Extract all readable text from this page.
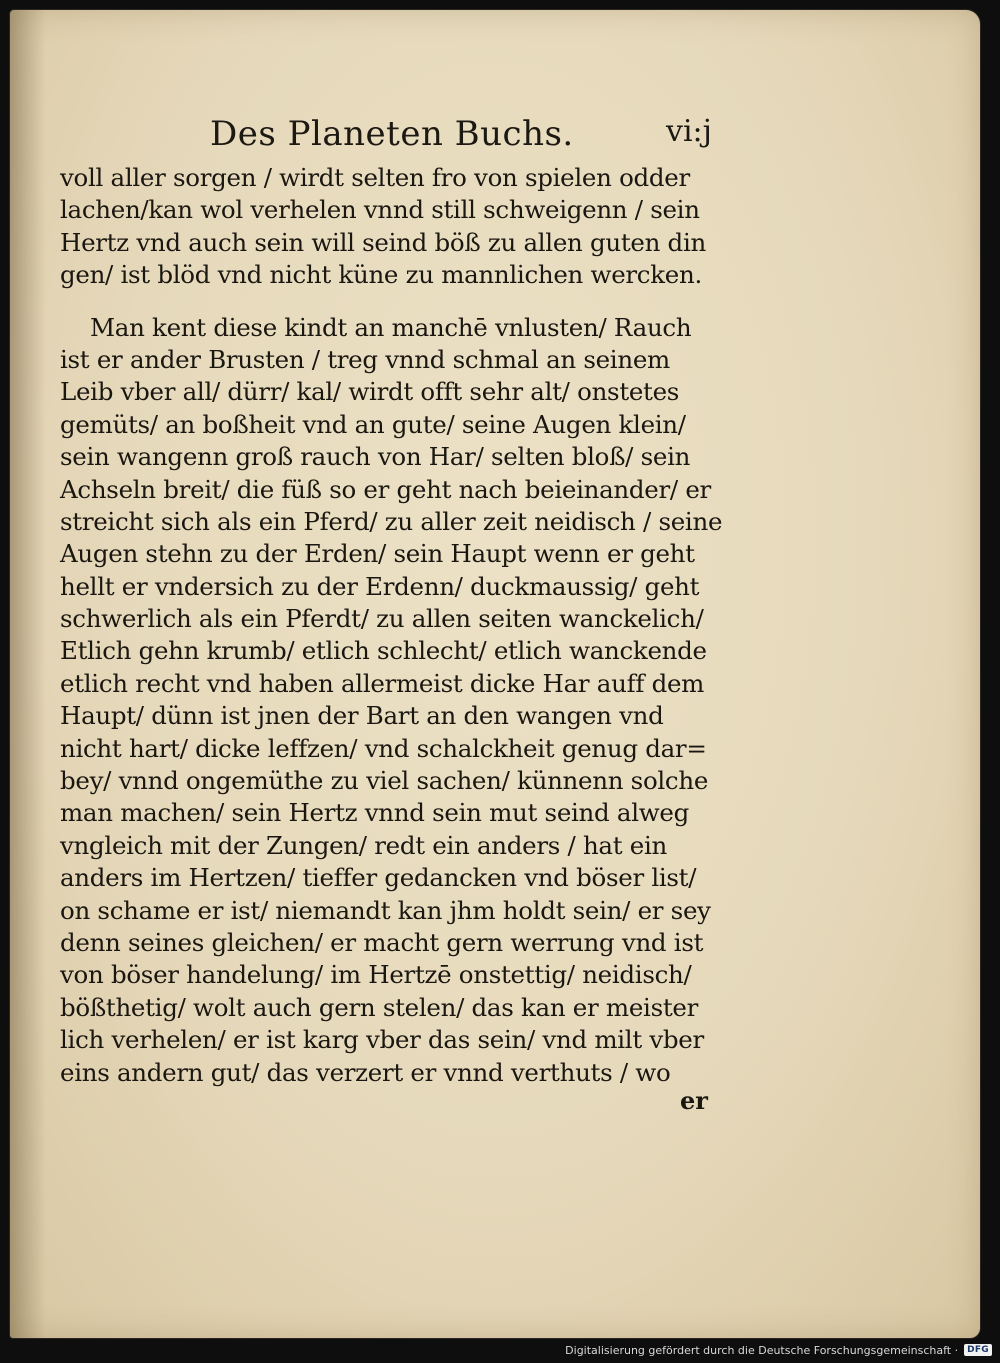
Des Planeten Buchs.	vi:j
voll aller sorgen / wirdt selten fro von spielen odder
lachen/kan wol verhelen vnnd still schweigenn / sein
Hertz vnd auch sein will seind böß zu allen guten din
gen/ ist blöd vnd nicht küne zu mannlichen wercken.
Man kent diese kindt an manchē vnlusten/ Rauch
ist er ander Brusten / treg vnnd schmal an seinem
Leib vber all/ dürr/ kal/ wirdt offt sehr alt/ onstetes
gemüts/ an boßheit vnd an gute/ seine Augen klein/
sein wangenn groß rauch von Har/ selten bloß/ sein
Achseln breit/ die füß so er geht nach beieinander/ er
streicht sich als ein Pferd/ zu aller zeit neidisch / seine
Augen stehn zu der Erden/ sein Haupt wenn er geht
hellt er vndersich zu der Erdenn/ duckmaussig/ geht
schwerlich als ein Pferdt/ zu allen seiten wanckelich/
Etlich gehn krumb/ etlich schlecht/ etlich wanckende
etlich recht vnd haben allermeist dicke Har auff dem
Haupt/ dünn ist jnen der Bart an den wangen vnd
nicht hart/ dicke leffzen/ vnd schalckheit genug dar=
bey/ vnnd ongemüthe zu viel sachen/ künnenn solche
man machen/ sein Hertz vnnd sein mut seind alweg
vngleich mit der Zungen/ redt ein anders / hat ein
anders im Hertzen/ tieffer gedancken vnd böser list/
on schame er ist/ niemandt kan jhm holdt sein/ er sey
denn seines gleichen/ er macht gern werrung vnd ist
von böser handelung/ im Hertzē onstettig/ neidisch/
bößthetig/ wolt auch gern stelen/ das kan er meister
lich verhelen/ er ist karg vber das sein/ vnd milt vber
eins andern gut/ das verzert er vnnd verthuts / wo
er
Digitalisierung gefördert durch die Deutsche Forschungsgemeinschaft ·	DFG
